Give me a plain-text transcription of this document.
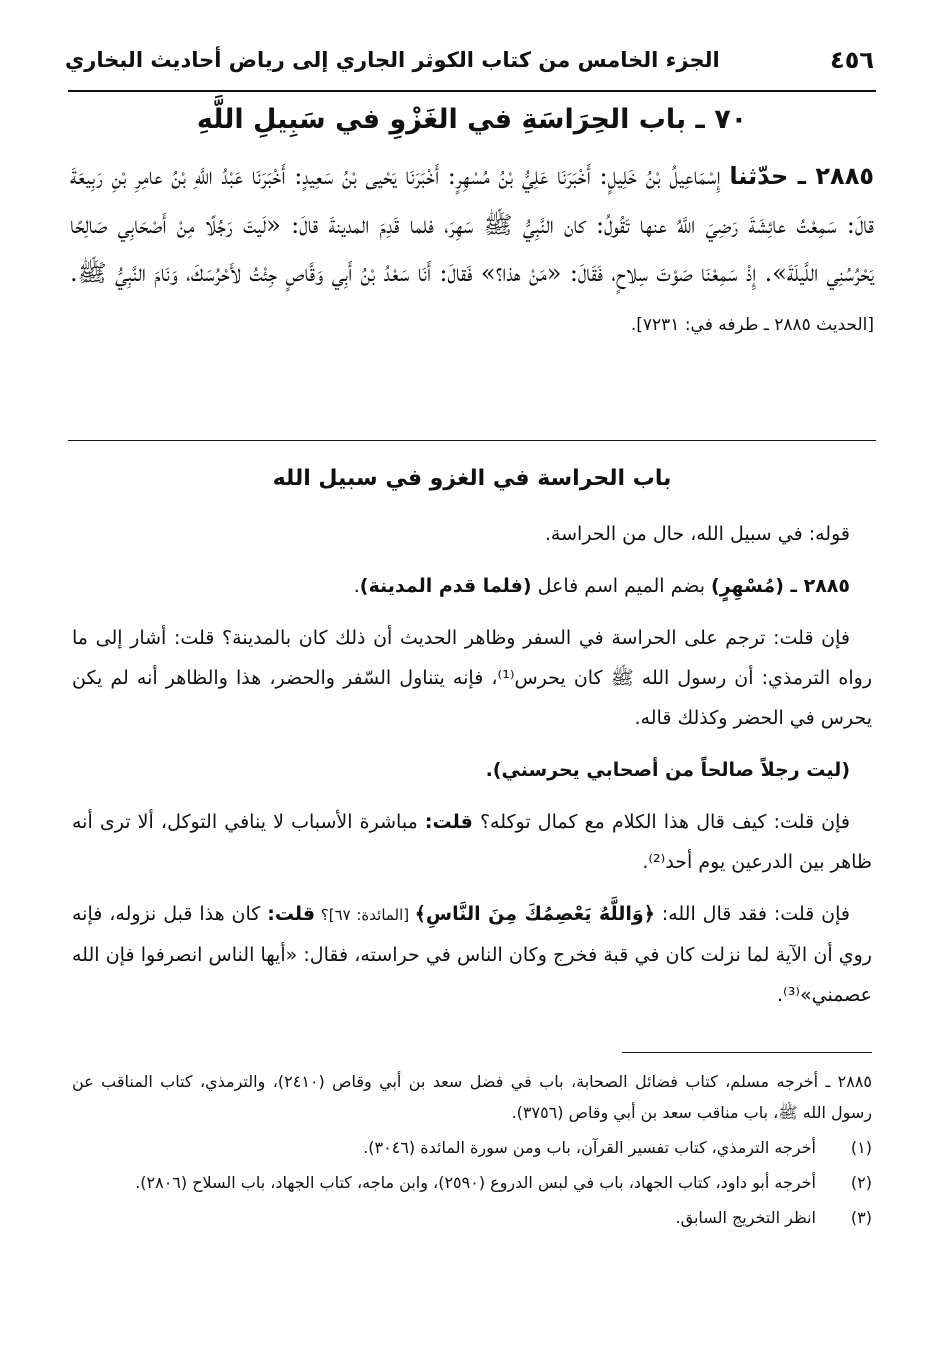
٤٥٦
الجزء الخامس من كتاب الكوثر الجاري إلى رياض أحاديث البخاري
٧٠ ـ باب الحِرَاسَةِ في الغَزْوِ في سَبِيلِ اللَّهِ
٢٨٨٥ ـ حدّثنا إِسْمَاعِيلُ بْنُ خَلِيلٍ: أَخْبَرَنَا عَلِيُّ بْنُ مُسْهِرٍ: أَخْبَرَنَا يَحْيى بْنُ سَعِيدٍ: أَخْبَرَنَا عَبْدُ اللَّهِ بْنُ عامِرِ بْنِ رَبِيعَةَ قالَ: سَمِعْتُ عائِشَةَ رَضِيَ اللَّهُ عنها تَقُولُ: كان النَّبِيُّ ﷺ سَهِرَ، فلما قَدِمَ المدينةَ قالَ: «لَيتَ رَجُلًا مِنْ أَصْحَابِي صَالِحًا يَحْرُسُنِي اللَّيلَةَ». إِذْ سَمِعْنَا صَوْتَ سِلاحٍ، فَقَالَ: «مَنْ هذا؟» فَقالَ: أَنَا سَعْدُ بْنُ أَبِي وَقَّاصٍ جِئْتُ لأَحْرُسَكَ، وَنَامَ النَّبِيُّ ﷺ. [الحديث ٢٨٨٥ ـ طرفه في: ٧٢٣١].
باب الحراسة في الغزو في سبيل الله

قوله: في سبيل الله، حال من الحراسة.

٢٨٨٥ ـ (مُسْهِرٍ) بضم الميم اسم فاعل (فلما قدم المدينة).

فإن قلت: ترجم على الحراسة في السفر وظاهر الحديث أن ذلك كان بالمدينة؟ قلت: أشار إلى ما رواه الترمذي: أن رسول الله ﷺ كان يحرس⁽¹⁾، فإنه يتناول السّفر والحضر، هذا والظاهر أنه لم يكن يحرس في الحضر وكذلك قاله.

(ليت رجلاً صالحاً من أصحابي يحرسني).

فإن قلت: كيف قال هذا الكلام مع كمال توكله؟ قلت: مباشرة الأسباب لا ينافي التوكل، ألا ترى أنه ظاهر بين الدرعين يوم أحد⁽²⁾.

فإن قلت: فقد قال الله: ﴿وَاللَّهُ يَعْصِمُكَ مِنَ النَّاسِ﴾ [المائدة: ٦٧]؟ قلت: كان هذا قبل نزوله، فإنه روي أن الآية لما نزلت كان في قبة فخرج وكان الناس في حراسته، فقال: «أيها الناس انصرفوا فإن الله عصمني»⁽³⁾.

٢٨٨٥ ـ أخرجه مسلم، كتاب فضائل الصحابة، باب في فضل سعد بن أبي وقاص (٢٤١٠)، والترمذي، كتاب المناقب عن رسول الله ﷺ، باب مناقب سعد بن أبي وقاص (٣٧٥٦).
(١)
أخرجه الترمذي، كتاب تفسير القرآن، باب ومن سورة المائدة (٣٠٤٦).
(٢)
أخرجه أبو داود، كتاب الجهاد، باب في لبس الدروع (٢٥٩٠)، وابن ماجه، كتاب الجهاد، باب السلاح (٢٨٠٦).
(٣)
انظر التخريج السابق.
